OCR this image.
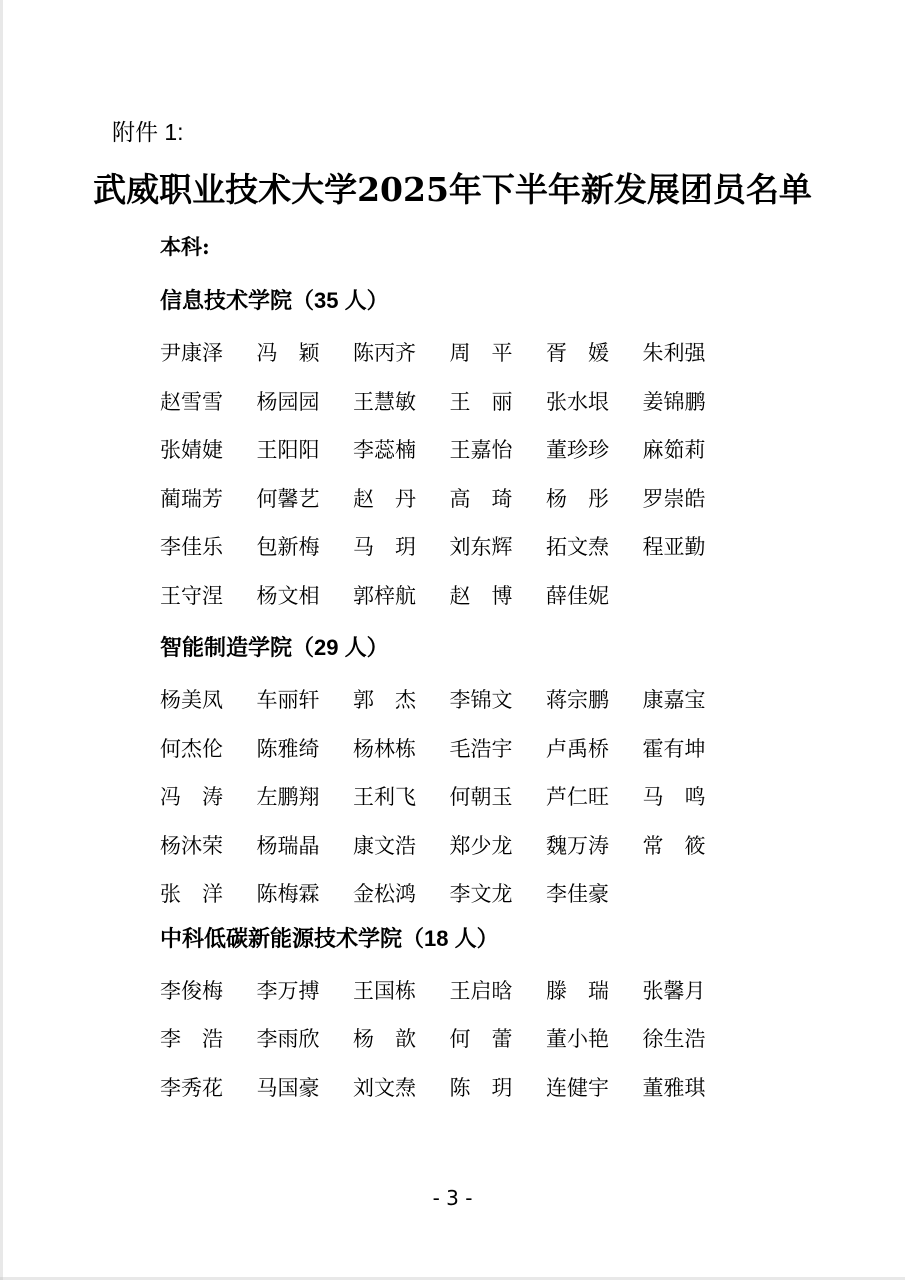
附件 1:
武威职业技术大学2025年下半年新发展团员名单
本科:
信息技术学院（35 人）
尹康泽	冯　颖	陈丙齐	周　平	胥　媛	朱利强
赵雪雪	杨园园	王慧敏	王　丽	张水垠	姜锦鹏
张婧婕	王阳阳	李蕊楠	王嘉怡	董珍珍	麻筎莉
蔺瑞芳	何馨艺	赵　丹	高　琦	杨　彤	罗崇皓
李佳乐	包新梅	马　玥	刘东辉	拓文焘	程亚勤
王守涅	杨文相	郭梓航	赵　博	薛佳妮
智能制造学院（29 人）
杨美凤	车丽轩	郭　杰	李锦文	蒋宗鹏	康嘉宝
何杰伦	陈雅绮	杨林栋	毛浩宇	卢禹桥	霍有坤
冯　涛	左鹏翔	王利飞	何朝玉	芦仁旺	马　鸣
杨沐荣	杨瑞晶	康文浩	郑少龙	魏万涛	常　筱
张　洋	陈梅霖	金松鸿	李文龙	李佳豪
中科低碳新能源技术学院（18 人）
李俊梅	李万搏	王国栋	王启晗	滕　瑞	张馨月
李　浩	李雨欣	杨　歆	何　蕾	董小艳	徐生浩
李秀花	马国豪	刘文焘	陈　玥	连健宇	董雅琪
- 3 -
